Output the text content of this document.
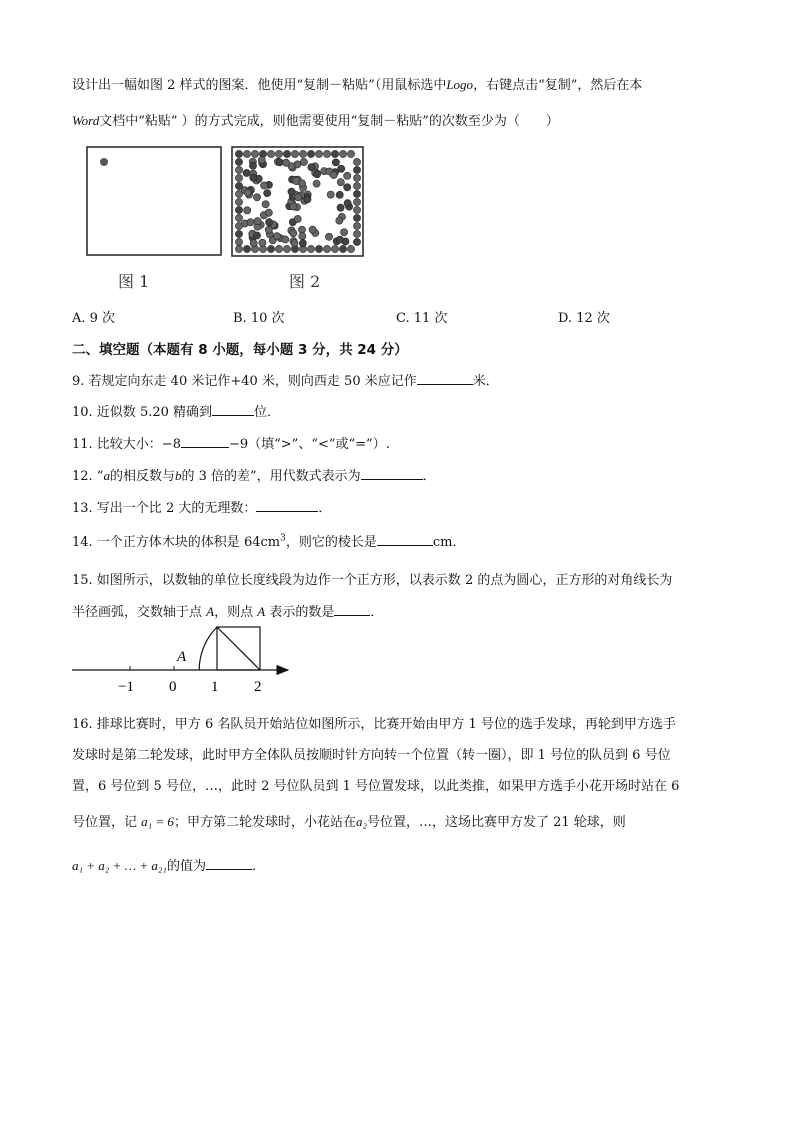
设计出一幅如图 2 样式的图案．他使用“复制－粘贴”（用鼠标选中Logo，右键点击“复制”，然后在本
Word文档中“粘贴” ）的方式完成，则他需要使用“复制－粘贴”的次数至少为（　　）
图 1	图 2
A. 9 次	B. 10 次	C. 11 次	D. 12 次
二、填空题（本题有 8 小题，每小题 3 分，共 24 分）
9. 若规定向东走 40 米记作+40 米，则向西走 50 米应记作	米．
10. 近似数 5.20 精确到	位．
11. 比较大小：−8	−9（填“>”、“<”或“=”）.
12. “a的相反数与b的 3 倍的差”，用代数式表示为	．
13. 写出一个比 2 大的无理数：	．
14. 一个正方体木块的体积是 $64cm^3$，则它的棱长是	cm．
15. 如图所示，以数轴的单位长度线段为边作一个正方形，以表示数 2 的点为圆心，正方形的对角线长为
半径画弧，交数轴于点 A，则点 A 表示的数是	．
A
−1 0 1 2
16. 排球比赛时，甲方 6 名队员开始站位如图所示，比赛开始由甲方 1 号位的选手发球，再轮到甲方选手
发球时是第二轮发球，此时甲方全体队员按顺时针方向转一个位置（转一圈），即 1 号位的队员到 6 号位
置，6 号位到 5 号位，…，此时 2 号位队员到 1 号位置发球，以此类推，如果甲方选手小花开场时站在 6
号位置，记 a₁ = 6；甲方第二轮发球时，小花站在a₂号位置，…，这场比赛甲方发了 21 轮球，则
a₁ + a₂ + … + a₂₁的值为	．
